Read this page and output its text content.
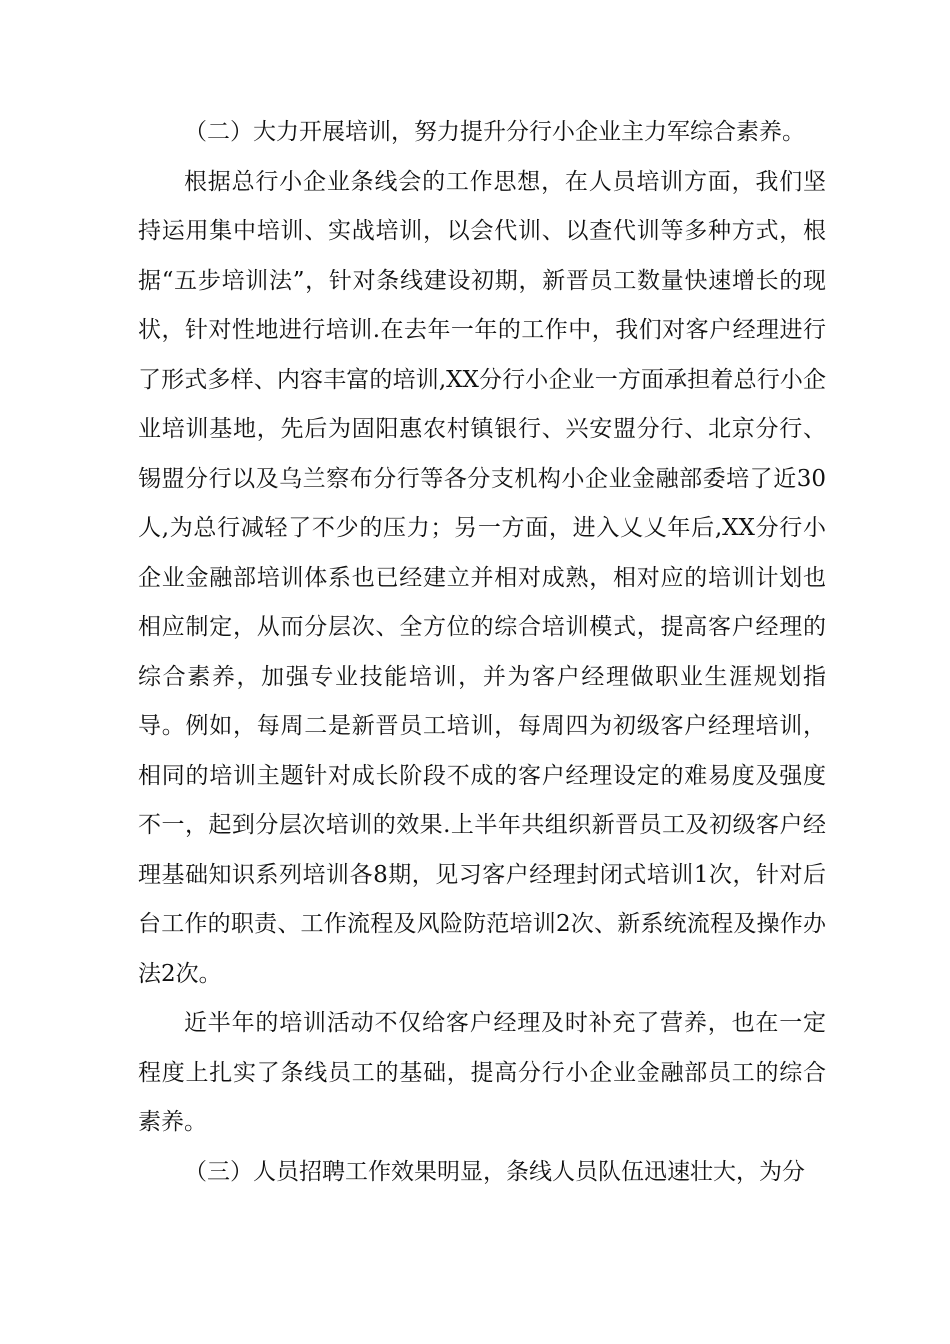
（二）大力开展培训，努力提升分行小企业主力军综合素养。

根据总行小企业条线会的工作思想，在人员培训方面，我们坚持运用集中培训、实战培训，以会代训、以查代训等多种方式，根据“五步培训法”，针对条线建设初期，新晋员工数量快速增长的现状，针对性地进行培训.在去年一年的工作中，我们对客户经理进行了形式多样、内容丰富的培训,XX分行小企业一方面承担着总行小企业培训基地，先后为固阳惠农村镇银行、兴安盟分行、北京分行、锡盟分行以及乌兰察布分行等各分支机构小企业金融部委培了近30人,为总行减轻了不少的压力；另一方面，进入乂乂年后,XX分行小企业金融部培训体系也已经建立并相对成熟，相对应的培训计划也相应制定，从而分层次、全方位的综合培训模式，提高客户经理的综合素养，加强专业技能培训，并为客户经理做职业生涯规划指导。例如，每周二是新晋员工培训，每周四为初级客户经理培训，相同的培训主题针对成长阶段不成的客户经理设定的难易度及强度不一，起到分层次培训的效果.上半年共组织新晋员工及初级客户经理基础知识系列培训各8期，见习客户经理封闭式培训1次，针对后台工作的职责、工作流程及风险防范培训2次、新系统流程及操作办法2次。

近半年的培训活动不仅给客户经理及时补充了营养，也在一定程度上扎实了条线员工的基础，提高分行小企业金融部员工的综合素养。

（三）人员招聘工作效果明显，条线人员队伍迅速壮大，为分
